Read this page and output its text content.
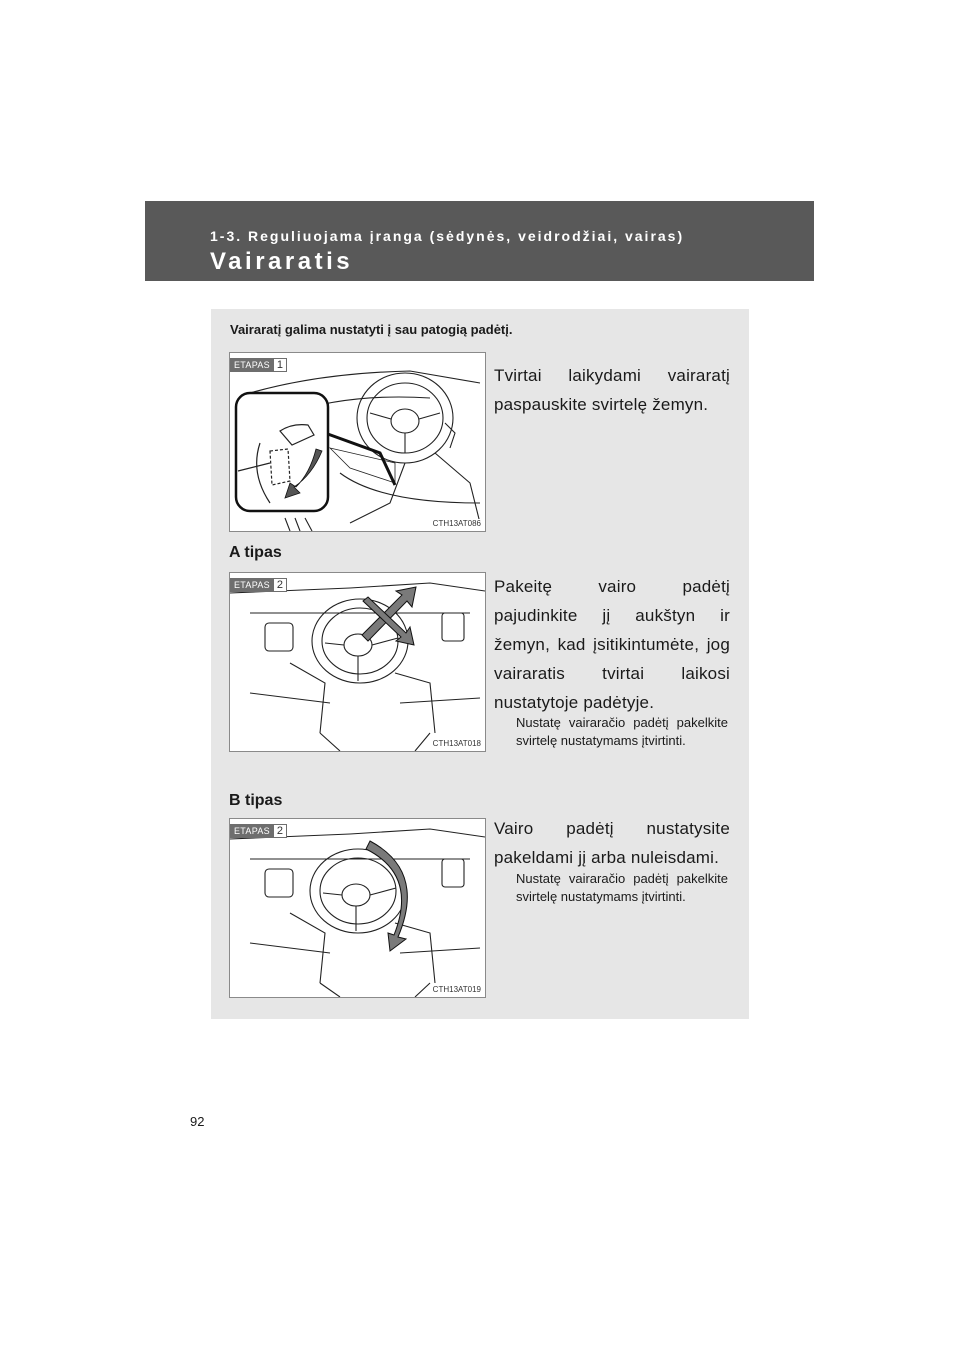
1-3. Reguliuojama įranga (sėdynės, veidrodžiai, vairas)
Vairaratis
Vairaratį galima nustatyti į sau patogią padėtį.
ETAPAS 1
CTH13AT086
Tvirtai laikydami vairaratį paspauskite svirtelę žemyn.
A tipas
ETAPAS 2
CTH13AT018
Pakeitę vairo padėtį pajudinkite jį aukštyn ir žemyn, kad įsitikintumėte, jog vairaratis tvirtai laikosi nustatytoje padėtyje.
Nustatę vairaračio padėtį pakelkite svirtelę nustatymams įtvirtinti.
B tipas
ETAPAS 2
CTH13AT019
Vairo padėtį nustatysite pakeldami jį arba nuleisdami.
Nustatę vairaračio padėtį pakelkite svirtelę nustatymams įtvirtinti.
92
